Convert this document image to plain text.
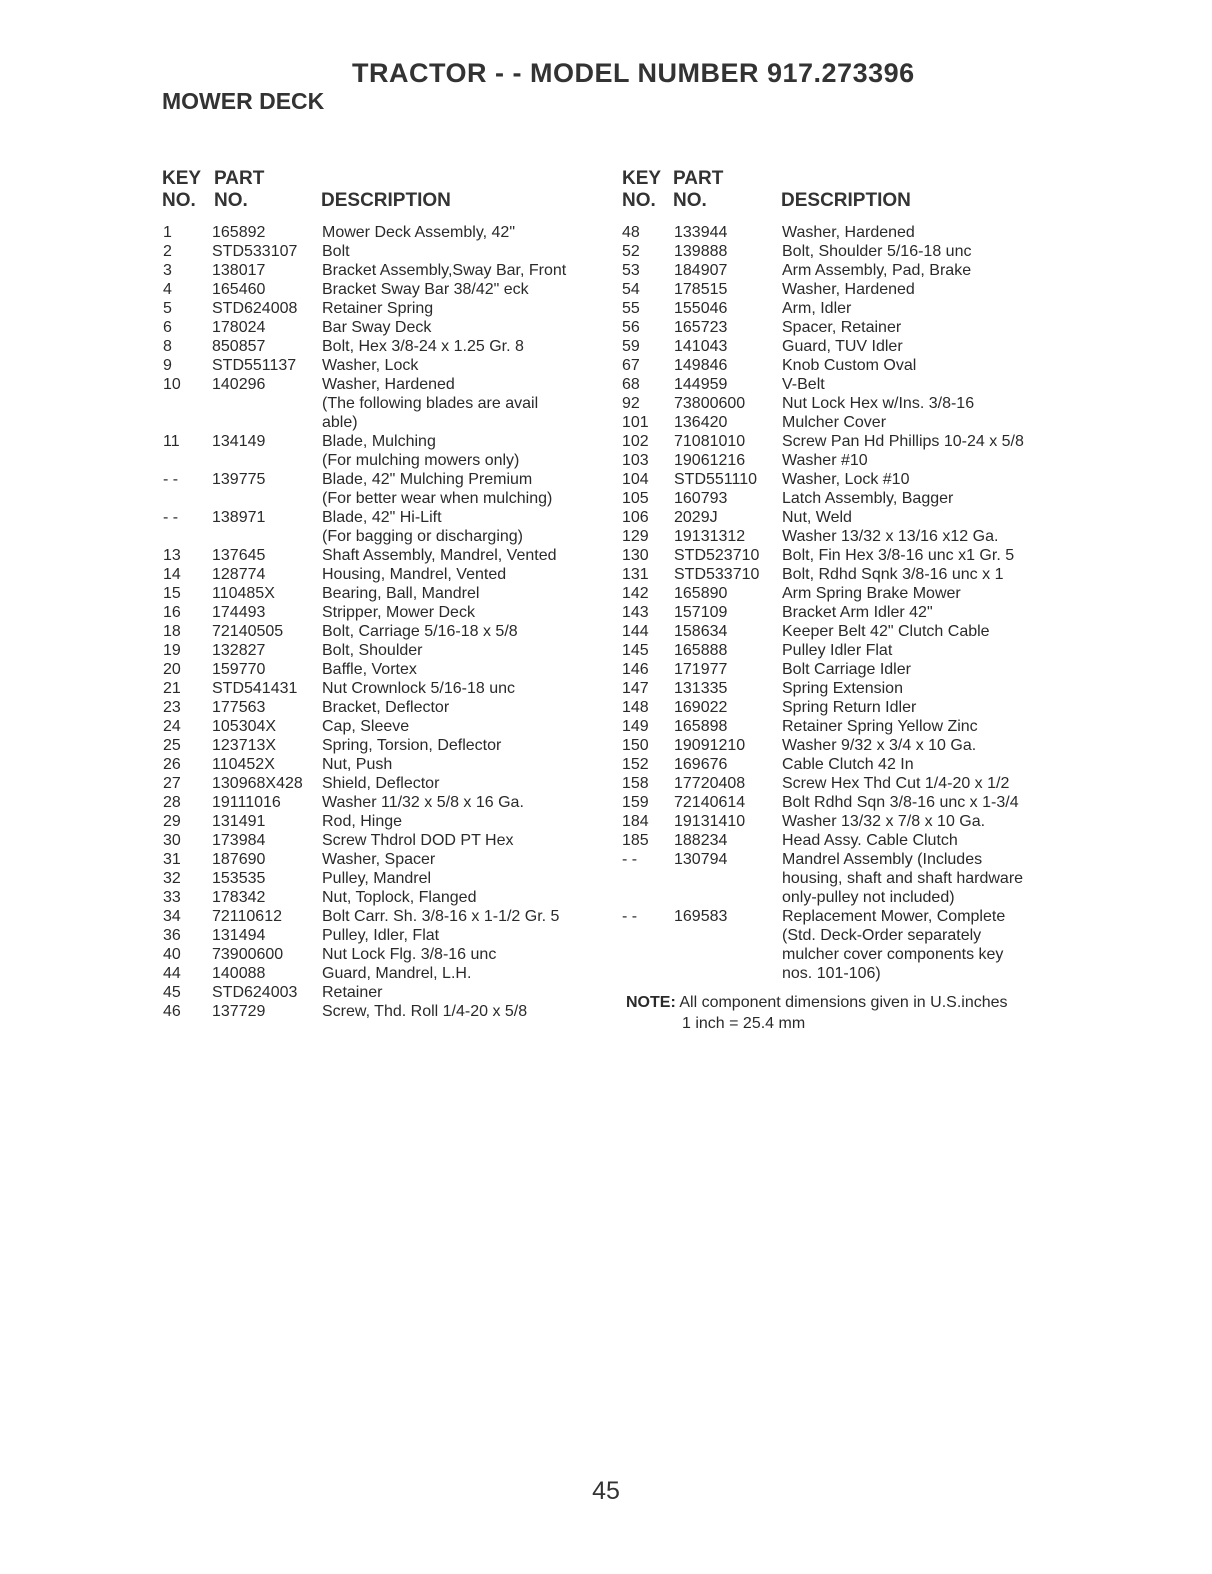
TRACTOR - - MODEL NUMBER 917.273396
MOWER DECK
KEY
NO.
PART
NO.	DESCRIPTION
KEY
NO.
PART
NO.	DESCRIPTION
1	165892	Mower Deck Assembly, 42"
2	STD533107 Bolt
3	138017	Bracket Assembly,Sway Bar, Front
4	165460	Bracket Sway Bar 38/42" eck
5	STD624008 Retainer Spring
6	178024	Bar Sway Deck
8	850857	Bolt, Hex 3/8-24 x 1.25 Gr. 8
9	STD551137 Washer, Lock
10 140296	Washer, Hardened
(The following blades are avail
able)
11 134149	Blade, Mulching
(For mulching mowers only)
- - 139775	Blade, 42" Mulching Premium
(For better wear when mulching)
- - 138971	Blade, 42" Hi-Lift
(For bagging or discharging)
13 137645	Shaft Assembly, Mandrel, Vented
14 128774	Housing, Mandrel, Vented
15 110485X	Bearing, Ball, Mandrel
16 174493	Stripper, Mower Deck
18 72140505 Bolt, Carriage 5/16-18 x 5/8
19 132827	Bolt, Shoulder
20 159770	Baffle, Vortex
21 STD541431 Nut Crownlock 5/16-18 unc
23 177563	Bracket, Deflector
24 105304X	Cap, Sleeve
25 123713X	Spring, Torsion, Deflector
26 110452X	Nut, Push
27 130968X428 Shield, Deflector
28 19111016	Washer 11/32 x 5/8 x 16 Ga.
29 131491	Rod, Hinge
30 173984	Screw Thdrol DOD PT Hex
31 187690	Washer, Spacer
32 153535	Pulley, Mandrel
33 178342	Nut, Toplock, Flanged
34 72110612	Bolt Carr. Sh. 3/8-16 x 1-1/2 Gr. 5
36 131494	Pulley, Idler, Flat
40 73900600 Nut Lock Flg. 3/8-16 unc
44 140088	Guard, Mandrel, L.H.
45 STD624003 Retainer
46 137729	Screw, Thd. Roll 1/4-20 x 5/8
48 133944	Washer, Hardened
52 139888	Bolt, Shoulder 5/16-18 unc
53 184907	Arm Assembly, Pad, Brake
54 178515	Washer, Hardened
55 155046	Arm, Idler
56 165723	Spacer, Retainer
59 141043	Guard, TUV Idler
67 149846	Knob Custom Oval
68 144959	V-Belt
92 73800600 Nut Lock Hex w/Ins. 3/8-16
101 136420	Mulcher Cover
102 71081010 Screw Pan Hd Phillips 10-24 x 5/8
103 19061216 Washer #10
104 STD551110 Washer, Lock #10
105 160793	Latch Assembly, Bagger
106 2029J	Nut, Weld
129 19131312 Washer 13/32 x 13/16 x12 Ga.
130 STD523710 Bolt, Fin Hex 3/8-16 unc x1 Gr. 5
131 STD533710 Bolt, Rdhd Sqnk 3/8-16 unc x 1
142 165890	Arm Spring Brake Mower
143 157109	Bracket Arm Idler 42"
144 158634	Keeper Belt 42" Clutch Cable
145 165888	Pulley Idler Flat
146 171977	Bolt Carriage Idler
147 131335	Spring Extension
148 169022	Spring Return Idler
149 165898	Retainer Spring Yellow Zinc
150 19091210 Washer 9/32 x 3/4 x 10 Ga.
152 169676	Cable Clutch 42 In
158 17720408 Screw Hex Thd Cut 1/4-20 x 1/2
159 72140614 Bolt Rdhd Sqn 3/8-16 unc x 1-3/4
184 19131410 Washer 13/32 x 7/8 x 10 Ga.
185 188234	Head Assy. Cable Clutch
- - 130794	Mandrel Assembly (Includes
housing, shaft and shaft hardware
only-pulley not included)
- - 169583	Replacement Mower, Complete
(Std. Deck-Order separately
mulcher cover components key
nos. 101-106)
NOTE: All component dimensions given in U.S.inches
1 inch = 25.4 mm
45
